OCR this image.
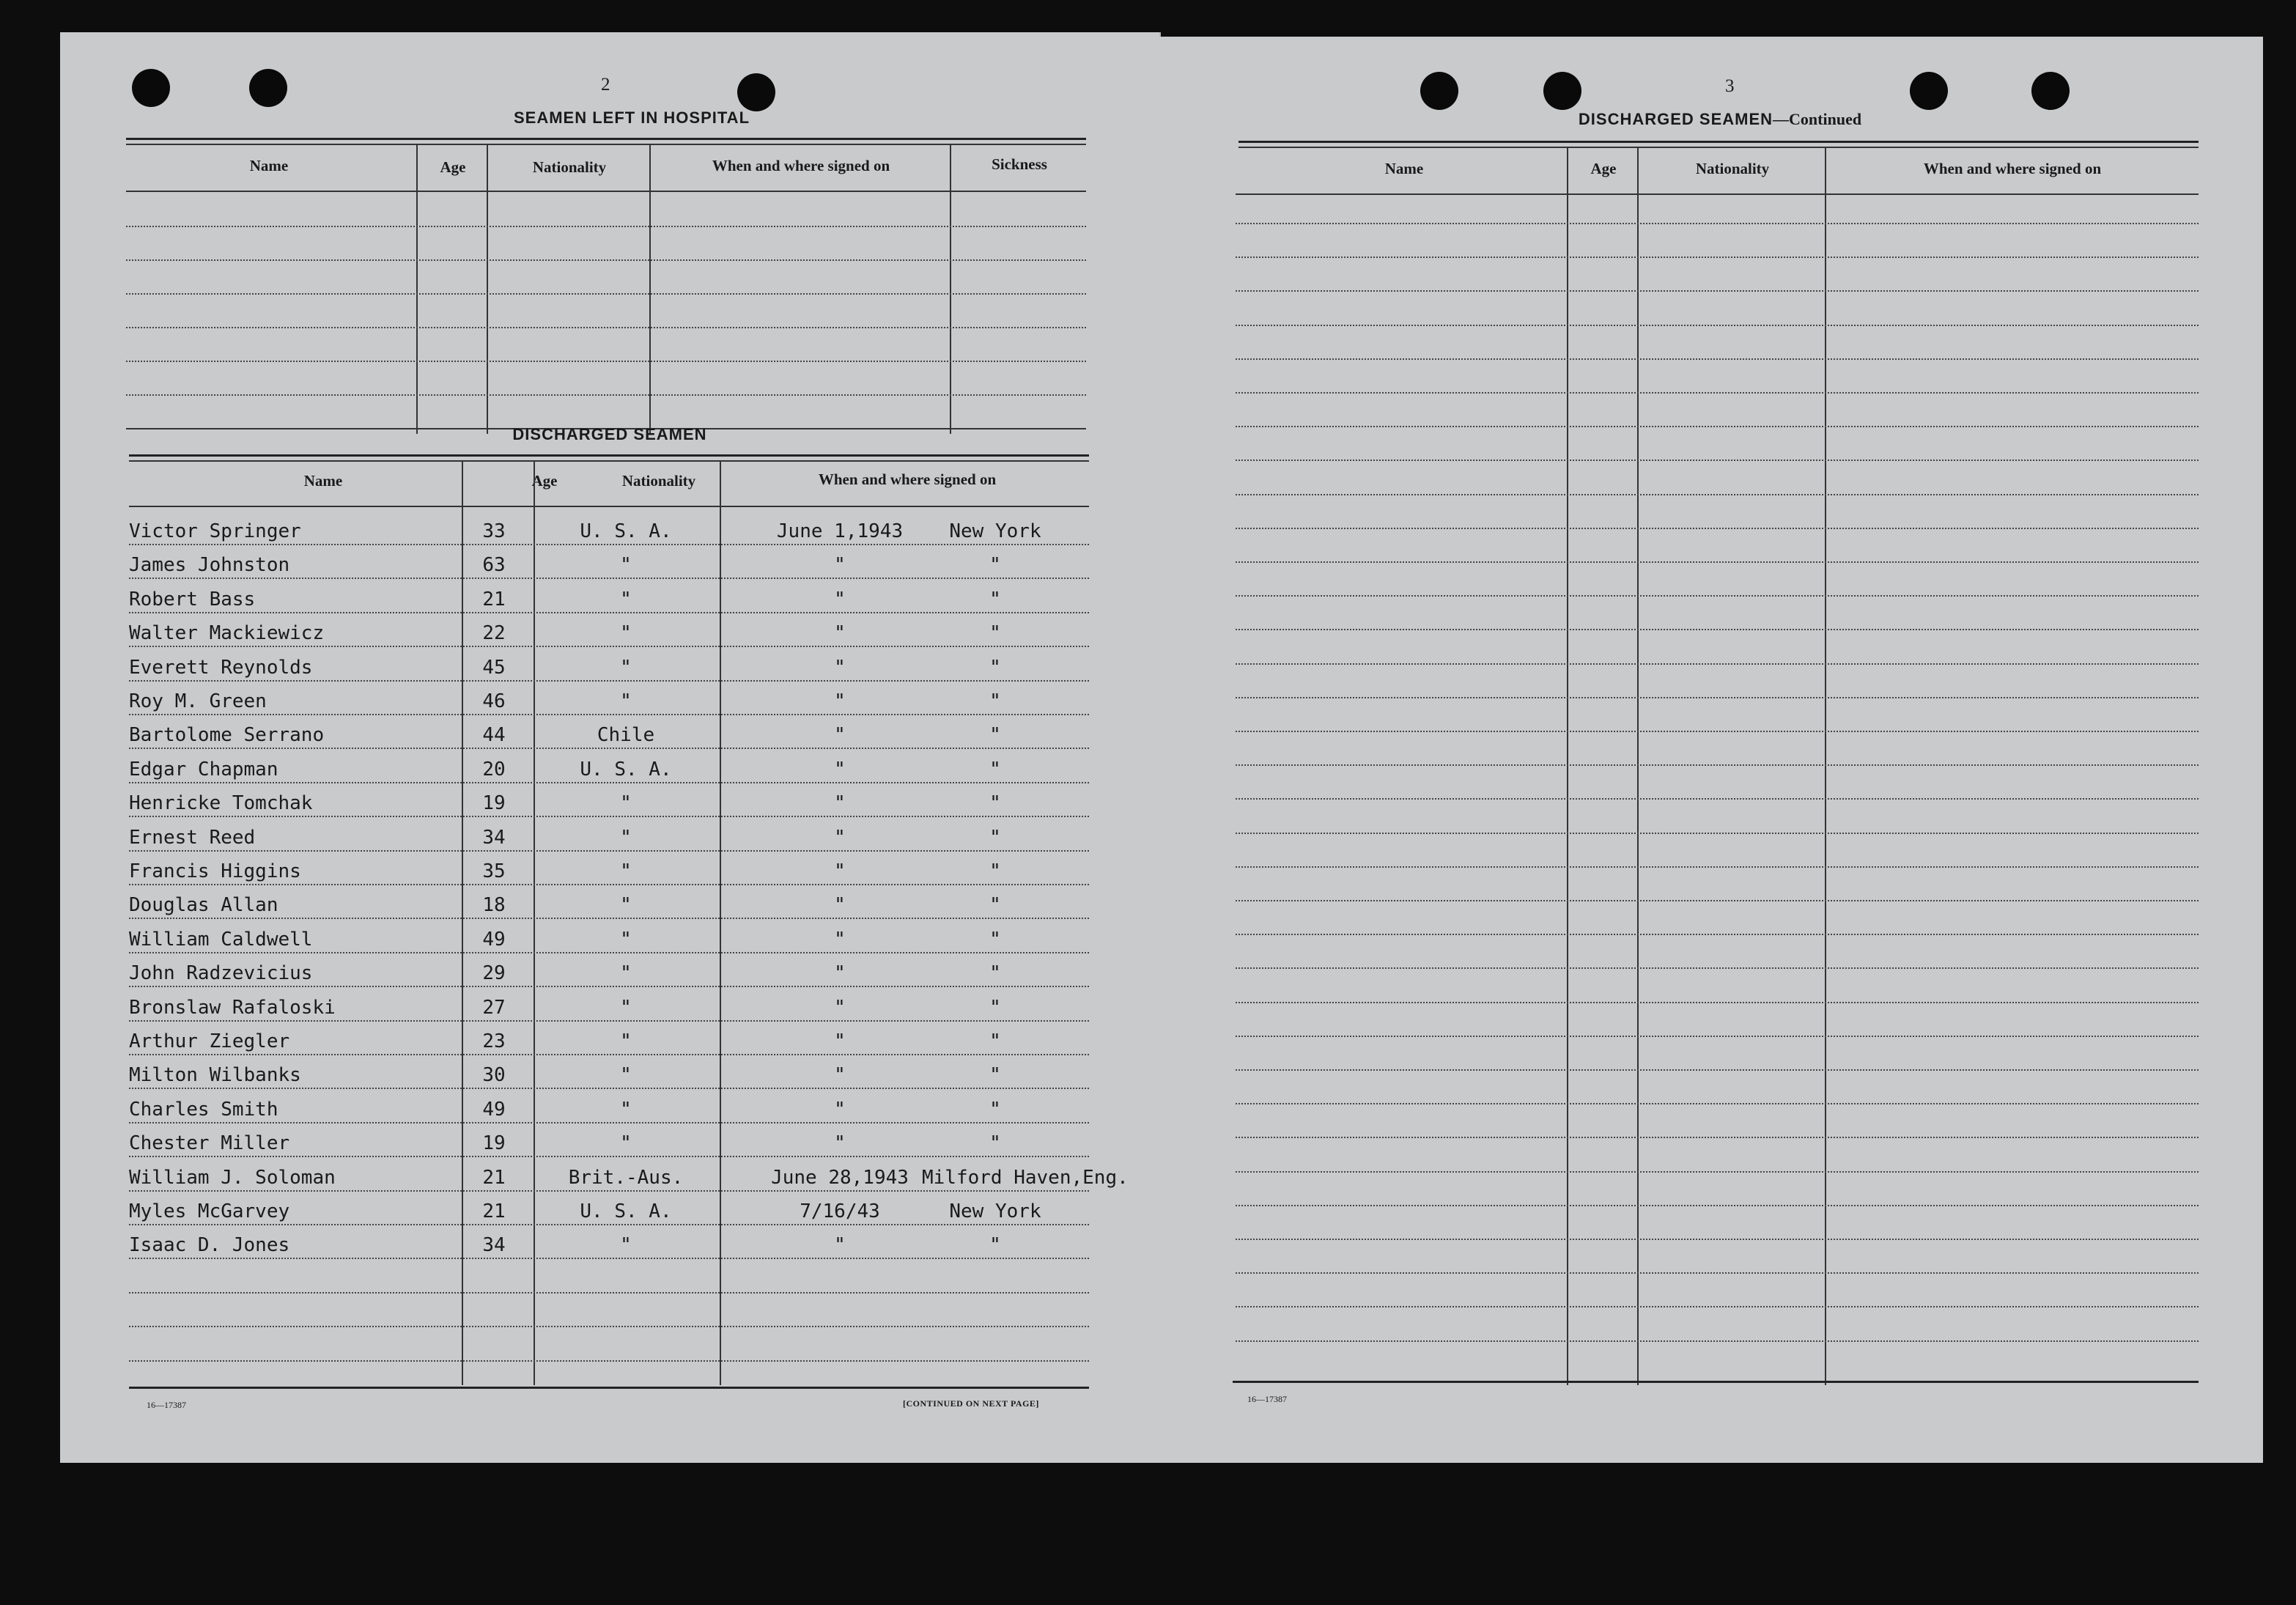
2
SEAMEN LEFT IN HOSPITAL
Name	Age	Nationality	When and where signed on	Sickness
DISCHARGED SEAMEN
Name	Age	Nationality	When and where signed on
Victor Springer	33	U. S. A.	June 1,1943	New York
James Johnston	63	"	"	"
Robert Bass	21	"	"	"
Walter Mackiewicz	22	"	"	"
Everett Reynolds	45	"	"	"
Roy M. Green	46	"	"	"
Bartolome Serrano	44	Chile	"	"
Edgar Chapman	20	U. S. A.	"	"
Henricke Tomchak	19	"	"	"
Ernest Reed	34	"	"	"
Francis Higgins	35	"	"	"
Douglas Allan	18	"	"	"
William Caldwell	49	"	"	"
John Radzevicius	29	"	"	"
Bronslaw Rafaloski	27	"	"	"
Arthur Ziegler	23	"	"	"
Milton Wilbanks	30	"	"	"
Charles Smith	49	"	"	"
Chester Miller	19	"	"	"
William J. Soloman	21	Brit.-Aus.	June 28,1943 Milford Haven,Eng.
Myles McGarvey	21	U. S. A.	7/16/43	New York
Isaac D. Jones	34	"	"	"
16—17387	[CONTINUED ON NEXT PAGE]
3
DISCHARGED SEAMEN—Continued
Name	Age	Nationality	When and where signed on
16—17387
